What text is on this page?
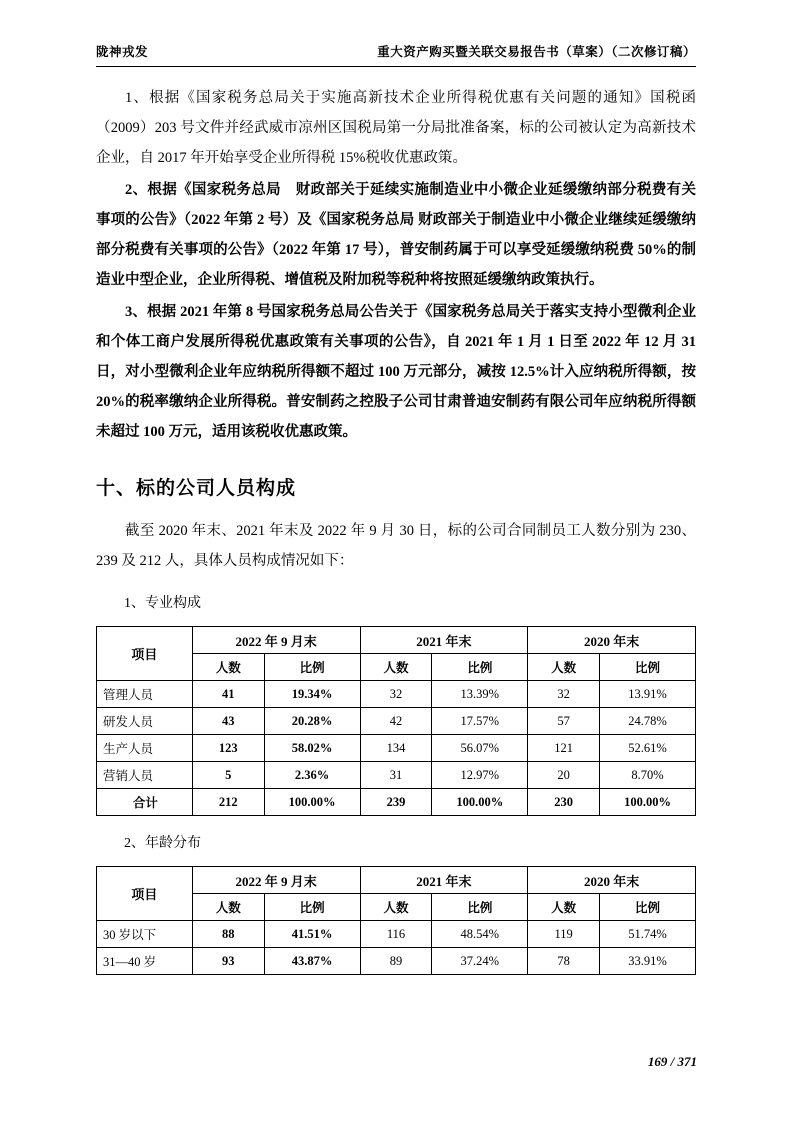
陇神戎发	重大资产购买暨关联交易报告书（草案）（二次修订稿）

1、根据《国家税务总局关于实施高新技术企业所得税优惠有关问题的通知》国税函（2009）203 号文件并经武威市凉州区国税局第一分局批准备案，标的公司被认定为高新技术企业，自 2017 年开始享受企业所得税 15%税收优惠政策。

2、根据《国家税务总局　财政部关于延续实施制造业中小微企业延缓缴纳部分税费有关事项的公告》（2022 年第 2 号）及《国家税务总局 财政部关于制造业中小微企业继续延缓缴纳部分税费有关事项的公告》（2022 年第 17 号），普安制药属于可以享受延缓缴纳税费 50%的制造业中型企业，企业所得税、增值税及附加税等税种将按照延缓缴纳政策执行。

3、根据 2021 年第 8 号国家税务总局公告关于《国家税务总局关于落实支持小型微利企业和个体工商户发展所得税优惠政策有关事项的公告》，自 2021 年 1 月 1 日至 2022 年 12 月 31 日，对小型微利企业年应纳税所得额不超过 100 万元部分，减按 12.5%计入应纳税所得额，按 20%的税率缴纳企业所得税。普安制药之控股子公司甘肃普迪安制药有限公司年应纳税所得额未超过 100 万元，适用该税收优惠政策。

十、标的公司人员构成

截至 2020 年末、2021 年末及 2022 年 9 月 30 日，标的公司合同制员工人数分别为 230、239 及 212 人，具体人员构成情况如下：

1、专业构成

项目	2022 年 9 月末		2021 年末		2020 年末	
	人数	比例	人数	比例	人数	比例
管理人员	41	19.34%	32	13.39%	32	13.91%
研发人员	43	20.28%	42	17.57%	57	24.78%
生产人员	123	58.02%	134	56.07%	121	52.61%
营销人员	5	2.36%	31	12.97%	20	8.70%
合计	212	100.00%	239	100.00%	230	100.00%

2、年龄分布

项目	2022 年 9 月末		2021 年末		2020 年末	
	人数	比例	人数	比例	人数	比例
30 岁以下	88	41.51%	116	48.54%	119	51.74%
31—40 岁	93	43.87%	89	37.24%	78	33.91%
169 / 371
